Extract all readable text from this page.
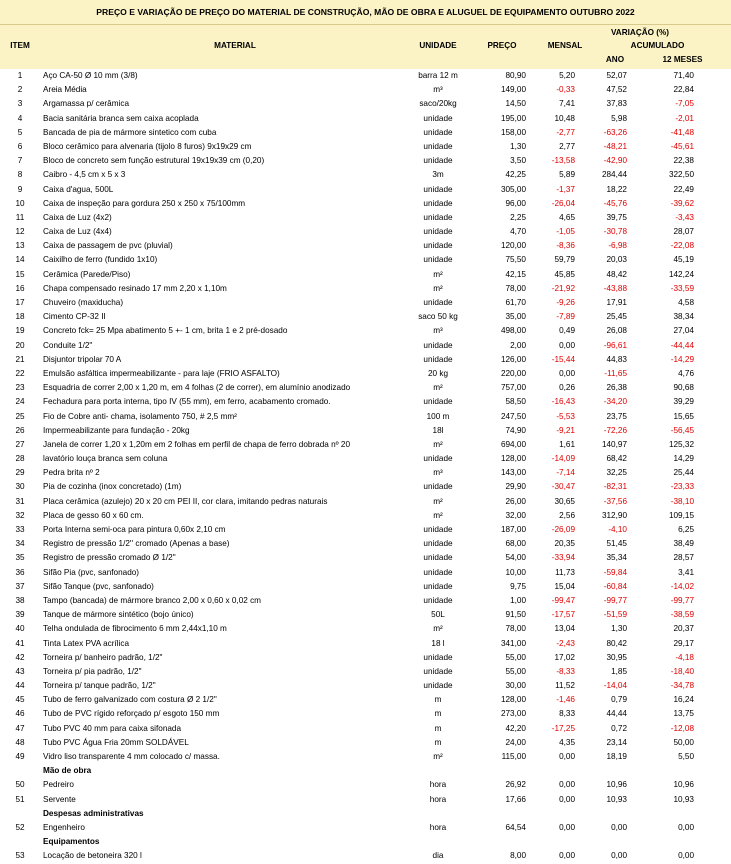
PREÇO E VARIAÇÃO DE PREÇO DO MATERIAL DE CONSTRUÇÃO, MÃO DE OBRA E ALUGUEL DE EQUIPAMENTO OUTUBRO 2022
ITEM	MATERIAL	UNIDADE	PREÇO
VARIAÇÃO (%)
MENSAL	ACUMULADO
ANO	12 MESES
1	Aço CA-50 Ø 10 mm (3/8)	barra 12 m	80,90	5,20	52,07	71,40
2	Areia Média	m³	149,00	-0,33	47,52	22,84
3	Argamassa p/ cerâmica	saco/20kg	14,50	7,41	37,83	-7,05
4	Bacia sanitária branca sem caixa acoplada	unidade	195,00	10,48	5,98	-2,01
5	Bancada de pia de mármore sintetico com cuba	unidade	158,00	-2,77	-63,26	-41,48
6	Bloco cerâmico para alvenaria (tijolo 8 furos) 9x19x29 cm	unidade	1,30	2,77	-48,21	-45,61
7	Bloco de concreto sem função estrutural 19x19x39 cm (0,20)	unidade	3,50	-13,58	-42,90	22,38
8	Caibro - 4,5 cm x 5 x 3	3m	42,25	5,89	284,44	322,50
9	Caixa d'agua, 500L	unidade	305,00	-1,37	18,22	22,49
10	Caixa de inspeção para gordura 250 x 250 x 75/100mm	unidade	96,00	-26,04	-45,76	-39,62
11	Caixa de Luz (4x2)	unidade	2,25	4,65	39,75	-3,43
12	Caixa de Luz (4x4)	unidade	4,70	-1,05	-30,78	28,07
13	Caixa de passagem de pvc (pluvial)	unidade	120,00	-8,36	-6,98	-22,08
14	Caixilho de ferro (fundido 1x10)	unidade	75,50	59,79	20,03	45,19
15	Cerâmica (Parede/Piso)	m²	42,15	45,85	48,42	142,24
16	Chapa compensado resinado 17 mm 2,20 x 1,10m	m²	78,00	-21,92	-43,88	-33,59
17	Chuveiro (maxiducha)	unidade	61,70	-9,26	17,91	4,58
18	Cimento CP-32 II	saco 50 kg	35,00	-7,89	25,45	38,34
19	Concreto fck= 25 Mpa abatimento 5 +- 1 cm, brita 1 e 2 pré-dosado	m³	498,00	0,49	26,08	27,04
20	Conduite 1/2"	unidade	2,00	0,00	-96,61	-44,44
21	Disjuntor tripolar 70 A	unidade	126,00	-15,44	44,83	-14,29
22	Emulsão asfáltica impermeabilizante - para laje (FRIO ASFALTO)	20 kg	220,00	0,00	-11,65	4,76
23	Esquadria de correr 2,00 x 1,20 m, em 4 folhas (2 de correr), em alumínio anodizado	m²	757,00	0,26	26,38	90,68
24	Fechadura para porta interna, tipo IV (55 mm), em ferro, acabamento cromado.	unidade	58,50	-16,43	-34,20	39,29
25	Fio de Cobre anti- chama, isolamento 750, # 2,5 mm²	100 m	247,50	-5,53	23,75	15,65
26	Impermeabilizante para fundação - 20kg	18l	74,90	-9,21	-72,26	-56,45
27	Janela de correr 1,20 x 1,20m em 2 folhas em perfil de chapa de ferro dobrada nº 20	m²	694,00	1,61	140,97	125,32
28	lavatório louça branca sem coluna	unidade	128,00	-14,09	68,42	14,29
29	Pedra brita nº 2	m³	143,00	-7,14	32,25	25,44
30	Pia de cozinha (inox concretado) (1m)	unidade	29,90	-30,47	-82,31	-23,33
31	Placa cerâmica (azulejo) 20 x 20 cm PEI II, cor clara, imitando pedras naturais	m²	26,00	30,65	-37,56	-38,10
32	Placa de gesso 60 x 60 cm.	m²	32,00	2,56	312,90	109,15
33	Porta Interna semi-oca para pintura 0,60x 2,10 cm	unidade	187,00	-26,09	-4,10	6,25
34	Registro de pressão 1/2'' cromado (Apenas a base)	unidade	68,00	20,35	51,45	38,49
35	Registro de pressão cromado Ø 1/2"	unidade	54,00	-33,94	35,34	28,57
36	Sifão Pia (pvc, sanfonado)	unidade	10,00	11,73	-59,84	3,41
37	Sifão Tanque (pvc, sanfonado)	unidade	9,75	15,04	-60,84	-14,02
38	Tampo (bancada) de mármore branco 2,00 x 0,60 x 0,02 cm	unidade	1,00	-99,47	-99,77	-99,77
39	Tanque de mármore sintético (bojo único)	50L	91,50	-17,57	-51,59	-38,59
40	Telha ondulada de fibrocimento 6 mm 2,44x1,10 m	m²	78,00	13,04	1,30	20,37
41	Tinta Latex PVA acrílica	18 l	341,00	-2,43	80,42	29,17
42	Torneira p/ banheiro padrão, 1/2"	unidade	55,00	17,02	30,95	-4,18
43	Torneira p/ pia padrão, 1/2"	unidade	55,00	-8,33	1,85	-18,40
44	Torneira p/ tanque padrão, 1/2"	unidade	30,00	11,52	-14,04	-34,78
45	Tubo de ferro galvanizado com costura Ø 2 1/2"	m	128,00	-1,46	0,79	16,24
46	Tubo de PVC rígido reforçado p/ esgoto 150 mm	m	273,00	8,33	44,44	13,75
47	Tubo PVC 40 mm para caixa sifonada	m	42,20	-17,25	0,72	-12,08
48	Tubo PVC Água Fria 20mm SOLDÁVEL	m	24,00	4,35	23,14	50,00
49	Vidro liso transparente 4 mm colocado c/ massa.	m²	115,00	0,00	18,19	5,50
Mão de obra
50	Pedreiro	hora	26,92	0,00	10,96	10,96
51	Servente	hora	17,66	0,00	10,93	10,93
Despesas administrativas
52	Engenheiro	hora	64,54	0,00	0,00	0,00
Equipamentos
53	Locação de betoneira 320 l	dia	8,00	0,00	0,00	0,00
